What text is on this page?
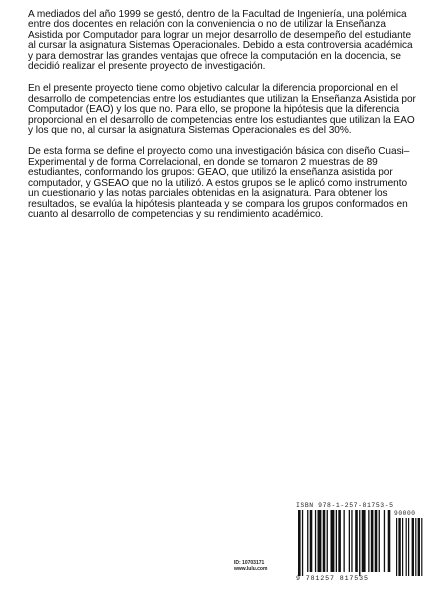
A mediados del año 1999 se gestó, dentro de la Facultad de Ingeniería, una polémica entre dos docentes en relación con la conveniencia o no de utilizar la Enseñanza Asistida por Computador para lograr un mejor desarrollo de desempeño del estudiante al cursar la asignatura Sistemas Operacionales. Debido a esta controversia académica y para demostrar las grandes ventajas que ofrece la computación en la docencia, se decidió realizar el presente proyecto de investigación.

En el presente proyecto tiene como objetivo calcular la diferencia proporcional en el desarrollo de competencias entre los estudiantes que utilizan la Enseñanza Asistida por Computador (EAO) y los que no. Para ello, se propone la hipótesis que la diferencia proporcional en el desarrollo de competencias entre los estudiantes que utilizan la EAO y los que no, al cursar la asignatura Sistemas Operacionales es del 30%.

De esta forma se define el proyecto como una investigación básica con diseño Cuasi–Experimental y de forma Correlacional, en donde se tomaron 2 muestras de 89 estudiantes, conformando los grupos: GEAO, que utilizó la enseñanza asistida por computador, y GSEAO que no la utilizó. A estos grupos se le aplicó como instrumento un cuestionario y las notas parciales obtenidas en la asignatura. Para obtener los resultados, se evalúa la hipótesis planteada y se compara los grupos conformados en cuanto al desarrollo de competencias y su rendimiento académico.

ID: 10703171
www.lulu.com
ISBN 978-1-257-81753-5
90000
9 781257 817535
